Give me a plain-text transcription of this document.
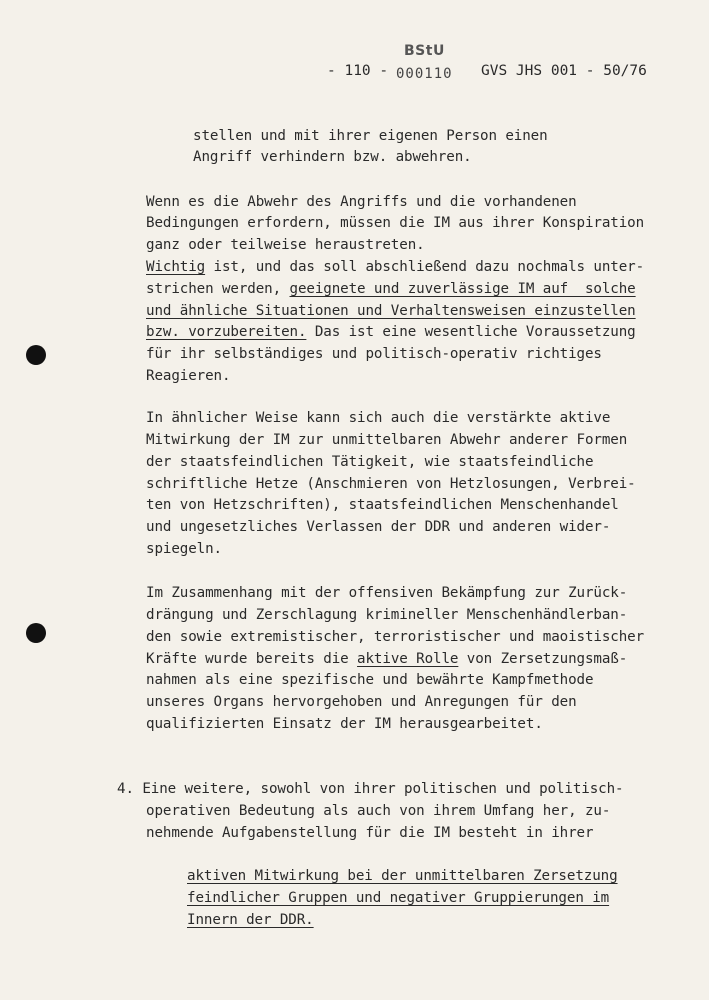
- 110 -
BStU
000110 GVS JHS 001 - 50/76
stellen und mit ihrer eigenen Person einen
Angriff verhindern bzw. abwehren.
Wenn es die Abwehr des Angriffs und die vorhandenen
Bedingungen erfordern, müssen die IM aus ihrer Konspiration
ganz oder teilweise heraustreten.
Wichtig ist, und das soll abschließend dazu nochmals unter-
strichen werden, geeignete und zuverlässige IM auf  solche
und ähnliche Situationen und Verhaltensweisen einzustellen
bzw. vorzubereiten. Das ist eine wesentliche Voraussetzung
für ihr selbständiges und politisch-operativ richtiges
Reagieren.
In ähnlicher Weise kann sich auch die verstärkte aktive
Mitwirkung der IM zur unmittelbaren Abwehr anderer Formen
der staatsfeindlichen Tätigkeit, wie staatsfeindliche
schriftliche Hetze (Anschmieren von Hetzlosungen, Verbrei-
ten von Hetzschriften), staatsfeindlichen Menschenhandel
und ungesetzliches Verlassen der DDR und anderen wider-
spiegeln.
Im Zusammenhang mit der offensiven Bekämpfung zur Zurück-
drängung und Zerschlagung krimineller Menschenhändlerban-
den sowie extremistischer, terroristischer und maoistischer
Kräfte wurde bereits die aktive Rolle von Zersetzungsmaß-
nahmen als eine spezifische und bewährte Kampfmethode
unseres Organs hervorgehoben und Anregungen für den
qualifizierten Einsatz der IM herausgearbeitet.
4. Eine weitere, sowohl von ihrer politischen und politisch-
operativen Bedeutung als auch von ihrem Umfang her, zu-
nehmende Aufgabenstellung für die IM besteht in ihrer
aktiven Mitwirkung bei der unmittelbaren Zersetzung
feindlicher Gruppen und negativer Gruppierungen im
Innern der DDR.
